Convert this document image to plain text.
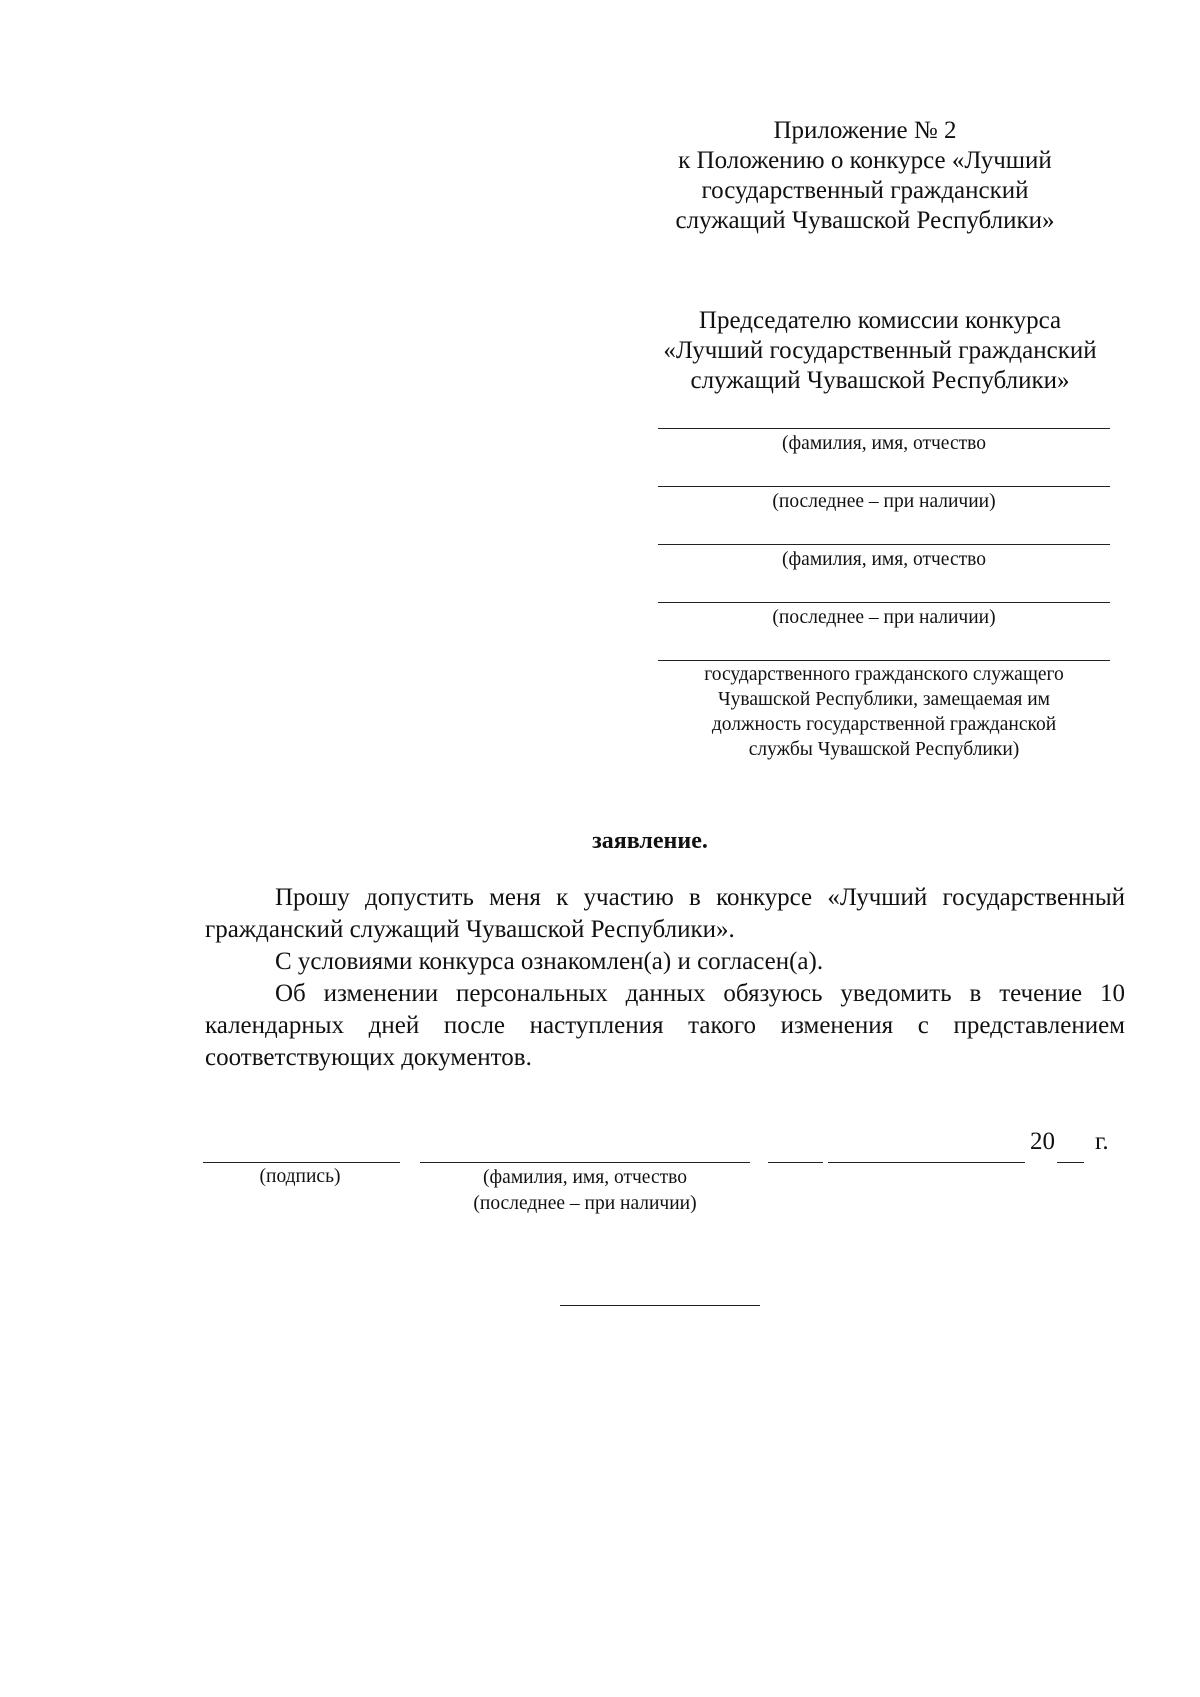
Приложение № 2
к Положению о конкурсе «Лучший
государственный гражданский
служащий Чувашской Республики»
Председателю комиссии конкурса
«Лучший государственный гражданский
служащий Чувашской Республики»
(фамилия, имя, отчество
(последнее – при наличии)
(фамилия, имя, отчество
(последнее – при наличии)
государственного гражданского служащего
Чувашской Республики, замещаемая им
должность государственной гражданской
службы Чувашской Республики)
заявление.

Прошу допустить меня к участию в конкурсе «Лучший государственный гражданский служащий Чувашской Республики».

С условиями конкурса ознакомлен(а) и согласен(а).

Об изменении персональных данных обязуюсь уведомить в течение 10 календарных дней после наступления такого изменения с представлением соответствующих документов.

20 г.
(подпись)	(фамилия, имя, отчество
(последнее – при наличии)
